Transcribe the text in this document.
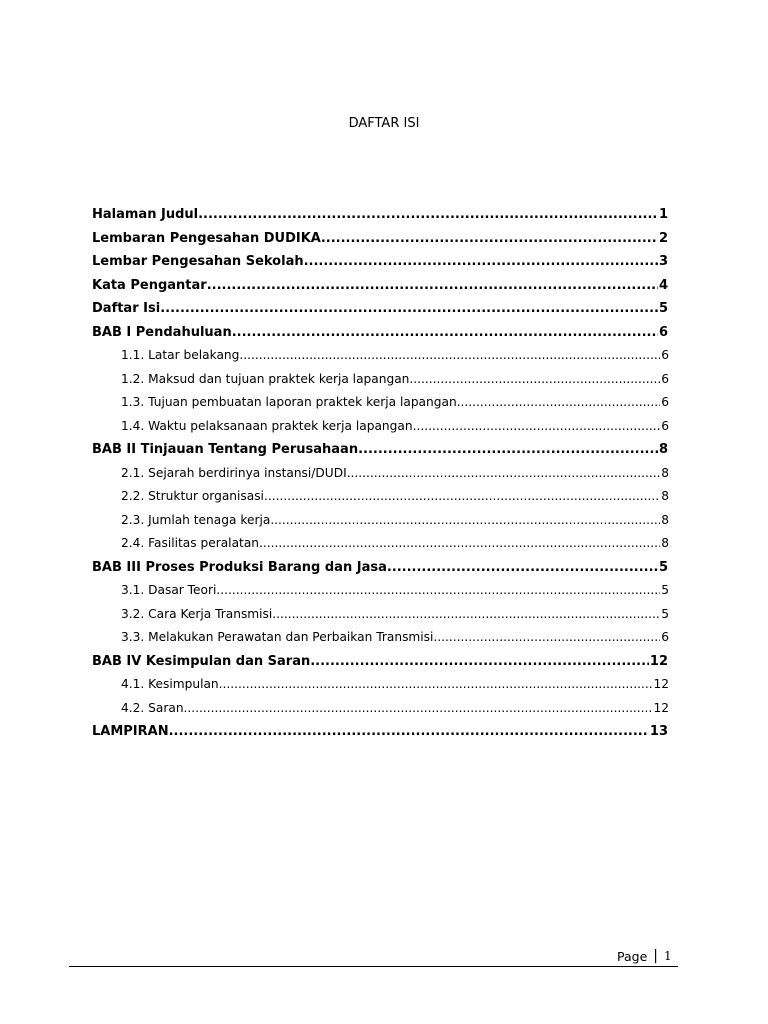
DAFTAR ISI
Halaman Judul .....	1
Lembaran Pengesahan DUDIKA .....	2
Lembar Pengesahan Sekolah .....	3
Kata Pengantar .....	4
Daftar Isi .....	5
BAB I Pendahuluan .....	6
1.1. Latar belakang .....	6
1.2. Maksud dan tujuan praktek kerja lapangan .....	6
1.3. Tujuan pembuatan laporan praktek kerja lapangan .....	6
1.4. Waktu pelaksanaan praktek kerja lapangan .....	6
BAB II Tinjauan Tentang Perusahaan .....	8
2.1. Sejarah berdirinya instansi/DUDI .....	8
2.2. Struktur organisasi .....	8
2.3. Jumlah tenaga kerja .....	8
2.4. Fasilitas peralatan .....	8
BAB III Proses Produksi Barang dan Jasa .....	5
3.1. Dasar Teori .....	5
3.2. Cara Kerja Transmisi .....	5
3.3. Melakukan Perawatan dan Perbaikan Transmisi .....	6
BAB IV Kesimpulan dan Saran .....	12
4.1. Kesimpulan .....	12
4.2. Saran .....	12
LAMPIRAN .....	13
Page | 1
